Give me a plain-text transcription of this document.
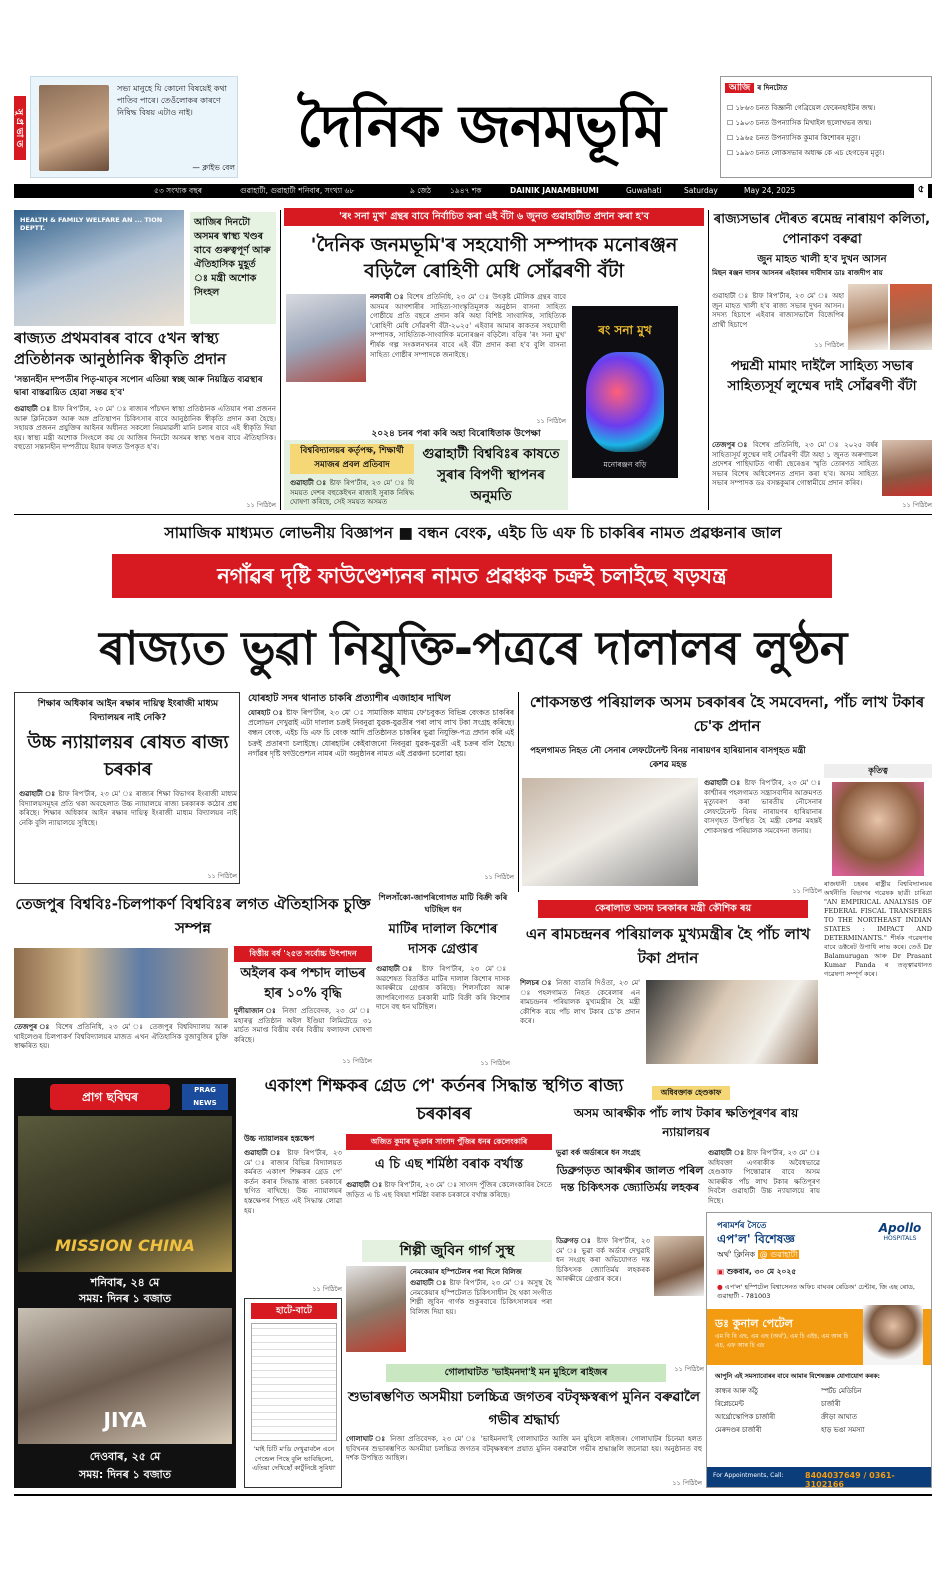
সু প্ৰ ভা ত
সভ্য মানুহে যি কোনো বিষয়েই কথা পাতিব পাৰে। তেওঁলোকৰ কাৰণে নিষিদ্ধ বিষয় এটাও নাই।
— ক্লাইভ বেল
দৈনিক জনমভূমি
আজি ৰ দিনটোত
☐ ১৮৬৩ চনত বিজ্ঞানী গেব্ৰিয়েল ফেৰেনহাইটৰ জন্ম।
☐ ১৯০৩ চনত উপন্যাসিক মিখাইল ছলোখভৰ জন্ম।
☐ ১৯৬৫ চনত উপন্যাসিক কুমাৰ কিশোৰৰ মৃত্যু।
☐ ১৯৯৩ চনত লোকসভাৰ অধ্যক্ষ কে এচ হেগড়েৰ মৃত্যু।
৫৩ সংখ্যক বছৰ	গুৱাহাটী, গুৱাহাটী শনিবাৰ, সংখ্যা ৬৮	৯ জেঠ	১৯৪৭ শক	DAINIK JANAMBHUMI	Guwahati	Saturday	May 24, 2025	৫
HEALTH & FAMILY WELFARE AN ... TION DEPTT.	আজিৰ দিনটো অসমৰ স্বাস্থ্য খণ্ডৰ বাবে গুৰুত্বপূৰ্ণ আৰু ঐতিহাসিক মুহূৰ্ত ঃ মন্ত্ৰী অশোক সিংহল
ৰাজ্যত প্ৰথমবাৰৰ বাবে ৫খন স্বাস্থ্য প্ৰতিষ্ঠানক আনুষ্ঠানিক স্বীকৃতি প্ৰদান
'সন্তানহীন দম্পতীৰ পিতৃ-মাতৃৰ সপোন এতিয়া স্বচ্ছ আৰু নিয়ন্ত্ৰিত ব্যৱস্থাৰ দ্বাৰা বাস্তৱায়িত হোৱা সম্ভৱ হ'ব'
গুৱাহাটী ঃ ষ্টাফ ৰিপ'ৰ্টাৰ, ২৩ মে' ঃ ৰাজ্যৰ পাঁচখন স্বাস্থ্য প্ৰতিষ্ঠানক এতিয়াৰ পৰা প্ৰজনন আৰু ক্লিনিকেল আৰু অঙ্গ প্ৰতিস্থাপন চিকিৎসাৰ বাবে আনুষ্ঠানিক স্বীকৃতি প্ৰদান কৰা হৈছে। সহায়ক প্ৰজনন প্ৰযুক্তিৰ আইনৰ অধীনত সকলো নিয়মাৱলী মানি চলাৰ বাবে এই স্বীকৃতি দিয়া হয়। স্বাস্থ্য মন্ত্ৰী অশোক সিংহলে কয় যে আজিৰ দিনটো অসমৰ স্বাস্থ্য খণ্ডৰ বাবে ঐতিহাসিক। বহুতো সন্তানহীন দম্পতীয়ে ইয়াৰ ফলত উপকৃত হ'ব।
১১ পিঠিলৈ
'ৰং সনা মুখ' গ্ৰন্থৰ বাবে নিৰ্বাচিত কৰা এই বঁটা ৬ জুনত গুৱাহাটীত প্ৰদান কৰা হ'ব
'দৈনিক জনমভূমি'ৰ সহযোগী সম্পাদক মনোৰঞ্জন বড়িলৈ ৰোহিণী মেধি সোঁৱৰণী বঁটা
নলবাৰী ঃ বিশেষ প্ৰতিনিধি, ২৩ মে' ঃ উৎকৃষ্ট মৌলিক গ্ৰন্থৰ বাবে অসমৰ আগশাৰীৰ সাহিত্য-সাংস্কৃতিমূলক অনুষ্ঠান বাসনা সাহিত্য গোষ্ঠীয়ে প্ৰতি বছৰে প্ৰদান কৰি অহা বিশিষ্ট সাংবাদিক, সাহিত্যিক 'ৰোহিণী মেধি সোঁৱৰণী বঁটা-২০২৫' এইবাৰ আমাৰ কাকতৰ সহযোগী সম্পাদক, সাহিত্যিক-সাংবাদিক মনোৰঞ্জন বড়িলৈ। বড়িৰ 'ৰং সনা মুখ' শীৰ্ষক গল্প সংকলনখনৰ বাবে এই বঁটা প্ৰদান কৰা হ'ব বুলি বাসনা সাহিত্য গোষ্ঠীৰ সম্পাদকে জনাইছে।
১১ পিঠিলৈ
ৰং সনা মুখ
মনোৰঞ্জন বড়ি
২০২৪ চনৰ পৰা কৰি অহা বিৰোধিতাক উপেক্ষা
বিশ্ববিদ্যালয়ৰ কৰ্তৃপক্ষ, শিক্ষাৰ্থী সমাজৰ প্ৰবল প্ৰতিবাদ
গুৱাহাটী বিশ্ববিঃৰ কাষতে সুৰাৰ বিপণী স্থাপনৰ অনুমতি
গুৱাহাটী ঃ ষ্টাফ ৰিপ'ৰ্টাৰ, ২৩ মে' ঃ যি সময়ত দেশৰ বহুকেইখন ৰাজ্যই সুৰাক নিষিদ্ধ ঘোষণা কৰিছে, সেই সময়ত অসমত
ৰাজ্যসভাৰ দৌৰত ৰমেন্দ্ৰ নাৰায়ণ কলিতা, পোনাকণ বৰুৱা
জুন মাহত খালী হ'ব দুখন আসন
মিছন ৰঞ্জন দাসৰ আসনৰ এইবাৰৰ দাবীদাৰ ডাঃ ৰাজদীপ ৰায়
গুৱাহাটী ঃ ষ্টাফ ৰিপ'ৰ্টাৰ, ২৩ মে' ঃ অহা জুন মাহত খালী হ'ব ৰাজ্য সভাৰ দুখন আসন। সদস্য হিচাপে এইবাৰ ৰাজ্যসভালৈ বিজেপিৰ প্ৰাৰ্থী হিচাপে
১১ পিঠিলৈ
পদ্মশ্ৰী মামাং দাইলৈ সাহিত্য সভাৰ সাহিত্যসূৰ্য লুম্মেৰ দাই সোঁৱৰণী বঁটা
তেজপুৰ ঃ বিশেষ প্ৰতিনিধি, ২৩ মে' ঃ ২০২৫ বৰ্ষৰ সাহিত্যসূৰ্য লুম্মেৰ দাই সোঁৱৰণী বঁটা অহা ১ জুনত অৰুণাচল প্ৰদেশৰ পাছিঘাটত গান্ধী ছেৰেঙৰ স্মৃতি তোৰণত সাহিত্য সভাৰ বিশেষ অধিবেশনত প্ৰদান কৰা হ'ব। অসম সাহিত্য সভাৰ সম্পাদক ডঃ বসন্তকুমাৰ গোস্বামীয়ে প্ৰদান কৰিব।
১১ পিঠিলৈ
সামাজিক মাধ্যমত লোভনীয় বিজ্ঞাপন ■ বন্ধন বেংক, এইচ ডি এফ চি চাকৰিৰ নামত প্ৰৱঞ্চনাৰ জাল
নগাঁৱৰ দৃষ্টি ফাউণ্ডেশ্যনৰ নামত প্ৰৱঞ্চক চক্ৰই চলাইছে ষড়যন্ত্ৰ
ৰাজ্যত ভুৱা নিযুক্তি-পত্ৰৰে দালালৰ লুণ্ঠন
শিক্ষাৰ অধিকাৰ আইন ৰক্ষাৰ দায়িত্ব ইংৰাজী মাধ্যম বিদ্যালয়ৰ নাই নেকি?
উচ্চ ন্যায়ালয়ৰ ৰোষত ৰাজ্য চৰকাৰ
গুৱাহাটী ঃ ষ্টাফ ৰিপ'ৰ্টাৰ, ২৩ মে' ঃ ৰাজ্যৰ শিক্ষা বিভাগৰ ইংৰাজী মাধ্যম বিদ্যালয়সমূহৰ প্ৰতি থকা অবহেলাত উচ্চ ন্যায়ালয়ে ৰাজ্য চৰকাৰক কঠোৰ প্ৰশ্ন কৰিছে। শিক্ষাৰ অধিকাৰ আইন ৰক্ষাৰ দায়িত্ব ইংৰাজী মাধ্যম বিদ্যালয়ৰ নাই নেকি বুলি ন্যায়ালয়ে সুধিছে।
১১ পিঠিলৈ
যোৰহাট সদৰ থানাত চাকৰি প্ৰত্যাশীৰ এজাহাৰ দাখিল
যোৰহাট ঃ ষ্টাফ ৰিপ'ৰ্টাৰ, ২৩ মে' ঃ সামাজিক মাধ্যম ফে'চবুকত বিভিন্ন বেংকত চাকৰিৰ প্ৰলোভন দেখুৱাই এটা দালাল চক্ৰই নিবনুৱা যুৱক-যুৱতীৰ পৰা লাখ লাখ টকা সংগ্ৰহ কৰিছে। বন্ধন বেংক, এইচ ডি এফ চি বেংক আদি প্ৰতিষ্ঠানত চাকৰিৰ ভুৱা নিযুক্তি-পত্ৰ প্ৰদান কৰি এই চক্ৰই প্ৰতাৰণা চলাইছে। যোৰহাটৰ কেইবাজনো নিবনুৱা যুৱক-যুৱতী এই চক্ৰৰ বলি হৈছে। নগাঁৱৰ দৃষ্টি ফাউণ্ডেশ্যন নামৰ এটা অনুষ্ঠানৰ নামত এই প্ৰৱঞ্চনা চলোৱা হয়।
১১ পিঠিলৈ
শোকসন্তপ্ত পৰিয়ালক অসম চৰকাৰৰ হৈ সমবেদনা, পাঁচ লাখ টকাৰ চে'ক প্ৰদান
পহলগামত নিহত নৌ সেনাৰ লেফটেনেন্ট বিনয় নাৰায়ণৰ হাৰিয়ানাৰ বাসগৃহত মন্ত্ৰী কেশৱ মহন্ত
গুৱাহাটী ঃ ষ্টাফ ৰিপ'ৰ্টাৰ, ২৩ মে' ঃ কাশ্মীৰৰ পহলগামত সন্ত্ৰাসবাদীৰ আক্ৰমণত মৃত্যুবৰণ কৰা ভাৰতীয় নৌসেনাৰ লেফটেনেন্ট বিনয় নাৰায়ণৰ হাৰিয়ানাৰ বাসগৃহত উপস্থিত হৈ মন্ত্ৰী কেশৱ মহন্তই শোকসন্তপ্ত পৰিয়ালক সমবেদনা জনায়।
১১ পিঠিলৈ
কেৰালাত অসম চৰকাৰৰ মন্ত্ৰী কৌশিক ৰয়
কৃতিত্ব
ৰাজধানী চহৰৰ ৰাষ্ট্ৰীয় বিশ্ববিদ্যালয়ৰ অৰ্থনীতি বিভাগৰ গৱেষক ছাত্ৰী চাৰিত্ৰা "AN EMPIRICAL ANALYSIS OF FEDERAL FISCAL TRANSFERS TO THE NORTHEAST INDIAN STATES : IMPACT AND DETERMINANTS." শীৰ্ষক গৱেষণাৰ বাবে ডক্টৰেট উপাধি লাভ কৰে। তেওঁ Dr Balamurugan আৰু Dr Prasant Kumar Panda ৰ তত্ত্বাৱধানত গৱেষণা সম্পূৰ্ণ কৰে।
তেজপুৰ বিশ্ববিঃ-চিলপাকৰ্ণ বিশ্ববিঃৰ লগত ঐতিহাসিক চুক্তি সম্পন্ন
তেজপুৰ ঃ বিশেষ প্ৰতিনিধি, ২৩ মে' ঃ তেজপুৰ বিশ্ববিদ্যালয় আৰু থাইলেণ্ডৰ চিলপাকৰ্ণ বিশ্ববিদ্যালয়ৰ মাজত এখন ঐতিহাসিক বুজাবুজিৰ চুক্তি স্বাক্ষৰিত হয়।
বিত্তীয় বৰ্ষ '২৫ত সৰ্বোচ্চ উৎপাদন
অইলৰ কৰ পশ্চাদ লাভৰ হাৰ ১০% বৃদ্ধি
দুলীয়াজান ঃ নিজা প্ৰতিবেদক, ২৩ মে' ঃ মহাৰত্ন প্ৰতিষ্ঠান অইল ইণ্ডিয়া লিমিটেডে ৩১ মাৰ্চত সমাপ্ত বিত্তীয় বৰ্ষৰ বিত্তীয় ফলাফল ঘোষণা কৰিছে।
১১ পিঠিলৈ
শিলসাঁকো-জাপৰিগোগত মাটি বিক্ৰী কৰি ঘটিছিল ধন
মাটিৰ দালাল কিশোৰ দাসক গ্ৰেপ্তাৰ
গুৱাহাটী ঃ ষ্টাফ ৰিপ'ৰ্টাৰ, ২৩ মে' ঃ অৱশেষত বিতৰ্কিত মাটিৰ দালাল কিশোৰ দাসক আৰক্ষীয়ে গ্ৰেপ্তাৰ কৰিছে। শিলসাঁকো আৰু জাপৰিগোগত চৰকাৰী মাটি বিক্ৰী কৰি কিশোৰ দাসে বহু ধন ঘটিছিল।
১১ পিঠিলৈ
এন ৰামচন্দ্ৰনৰ পৰিয়ালক মুখ্যমন্ত্ৰীৰ হৈ পাঁচ লাখ টকা প্ৰদান
শিলচৰ ঃ নিজা বাতৰি দিওঁতা, ২৩ মে' ঃ পহলগামত নিহত কেৰেলাৰ এন ৰামচন্দ্ৰনৰ পৰিয়ালক মুখ্যমন্ত্ৰীৰ হৈ মন্ত্ৰী কৌশিক ৰয়ে পাঁচ লাখ টকাৰ চে'ক প্ৰদান কৰে।
প্ৰাগ ছবিঘৰ	PRAG NEWS
MISSION CHINA
শনিবাৰ, ২৪ মে
সময়: দিনৰ ১ বজাত
JIYA
দেওবাৰ, ২৫ মে
সময়: দিনৰ ১ বজাত
একাংশ শিক্ষকৰ গ্ৰেড পে' কৰ্তনৰ সিদ্ধান্ত স্থগিত ৰাজ্য চৰকাৰৰ
উচ্চ ন্যায়ালয়ৰ হস্তক্ষেপ
গুৱাহাটী ঃ ষ্টাফ ৰিপ'ৰ্টাৰ, ২৩ মে' ঃ ৰাজ্যৰ বিভিন্ন বিদ্যালয়ত কৰ্মৰত একাংশ শিক্ষকৰ গ্ৰেড পে' কৰ্তন কৰাৰ সিদ্ধান্ত ৰাজ্য চৰকাৰে স্থগিত ৰাখিছে। উচ্চ ন্যায়ালয়ৰ হস্তক্ষেপৰ পিছত এই সিদ্ধান্ত লোৱা হয়।
১১ পিঠিলৈ
হাটে-বাটে
'মাই চিটি ম'ডি দেখুৱাবলৈ এনে পেন্ডেল পিছে বুলি ভাবিছিলো, এতিয়া দেখিছোঁ কাৰ্টুনিষ্টে সুবিধা'
অজিত কুমাৰ ভূঞাৰ সাংসদ পুঁজিৰ ধনৰ কেলেংকাৰি
এ চি এছ শৰ্মিষ্ঠা বৰাক বৰ্খাস্ত
গুৱাহাটী ঃ ষ্টাফ ৰিপ'ৰ্টাৰ, ২৩ মে' ঃ সাংসদ পুঁজিৰ কেলেংকাৰিৰ সৈতে জড়িত এ চি এছ বিষয়া শৰ্মিষ্ঠা বৰাক চৰকাৰে বৰ্খাস্ত কৰিছে।
শিল্পী জুবিন গাৰ্গ সুস্থ
নেমকেয়াৰ হস্পিটেলৰ পৰা দিলে বিলিজ
গুৱাহাটী ঃ ষ্টাফ ৰিপ'ৰ্টাৰ, ২৩ মে' ঃ অসুস্থ হৈ নেমকেয়াৰ হস্পিটেলত চিকিৎসাধীন হৈ থকা সংগীত শিল্পী জুবিন গাৰ্গক শুকুৰবাৰে চিকিৎসালয়ৰ পৰা বিলিজ দিয়া হয়।
ভুৱা বৰ্ক অৰ্ডাৰৰে ধন সংগ্ৰহ
ডিব্ৰুগড়ত আৰক্ষীৰ জালত পৰিল দন্ত চিকিৎসক জ্যোতিৰ্ময় লহকৰ
ডিব্ৰুগড় ঃ ষ্টাফ ৰিপ'ৰ্টাৰ, ২৩ মে' ঃ ভুৱা বৰ্ক অৰ্ডাৰ দেখুৱাই ধন সংগ্ৰহ কৰা অভিযোগত দন্ত চিকিৎসক জ্যোতিৰ্ময় লহকৰক আৰক্ষীয়ে গ্ৰেপ্তাৰ কৰে।
১১ পিঠিলৈ
অধিবক্তাক হেণ্ডকাফ
অসম আৰক্ষীক পাঁচ লাখ টকাৰ ক্ষতিপূৰণৰ ৰায় ন্যায়ালয়ৰ
গুৱাহাটী ঃ ষ্টাফ ৰিপ'ৰ্টাৰ, ২৩ মে' ঃ অধিবক্তা এগৰাকীক অবৈধভাৱে হেণ্ডকাফ পিন্ধোৱাৰ বাবে অসম আৰক্ষীক পাঁচ লাখ টকাৰ ক্ষতিপূৰণ দিবলৈ গুৱাহাটী উচ্চ ন্যায়ালয়ে ৰায় দিছে।
পৰামৰ্শৰ সৈতে
এপ'ল' বিশেষজ্ঞ
অৰ্থ' ক্লিনিক @ গুৱাহাটী
Apollo
HOSPITALS
▣ শুকবাৰ, ৩০ মে ২০২৫
● এপ'ল' হস্পিটেল বিশ্বাসেনত অফিচ বাঘবৰ ৰেডিঅ' চেন্টাৰ, জি এছ ৰোড, গুৱাহাটী - 781003
ডঃ কুনাল পেটেল
এম বি বি এছ, এম এছ (অৰ্থ'), এম চি এইচ, এম আৰ চি এচ, এফ আৰ চি এচ
আপুনি এই সমস্যাবোৰৰ বাবে আমাৰ বিশেষজ্ঞক যোগাযোগ কৰক:
কান্ধৰ আৰু অঁঠু	স্পৰ্টচ মেডিচিন
ৰিপ্লেচমেন্ট	চাৰ্জাৰী
আৰ্থ্ৰোস্কোপিক চাৰ্জাৰী	ক্ৰীড়া আঘাত
মেৰুদণ্ডৰ চাৰ্জাৰী	হাড় ভঙা সমস্যা
For Appointments, Call:	8404037649 / 0361- 3102166
গোলাঘাটত 'ভাইমনদা'ই মন মুহিলে ৰাইজৰ
শুভাৰম্ভণিত অসমীয়া চলচ্চিত্ৰ জগতৰ বটবৃক্ষস্বৰূপ মুনিন বৰুৱালৈ গভীৰ শ্ৰদ্ধাৰ্ঘ্য
গোলাঘাট ঃ নিজা প্ৰতিবেদক, ২৩ মে' ঃ 'ভাইমনদা'ই গোলাঘাটত আজি মন মুহিলে ৰাইজৰ। গোলাঘাটৰ চিনেমা হলত ছবিখনৰ শুভাৰম্ভণিত অসমীয়া চলচ্চিত্ৰ জগতৰ বটবৃক্ষস্বৰূপ প্ৰয়াত মুনিন বৰুৱালৈ গভীৰ শ্ৰদ্ধাঞ্জলি জনোৱা হয়। অনুষ্ঠানত বহু দৰ্শক উপস্থিত আছিল।
১১ পিঠিলৈ
